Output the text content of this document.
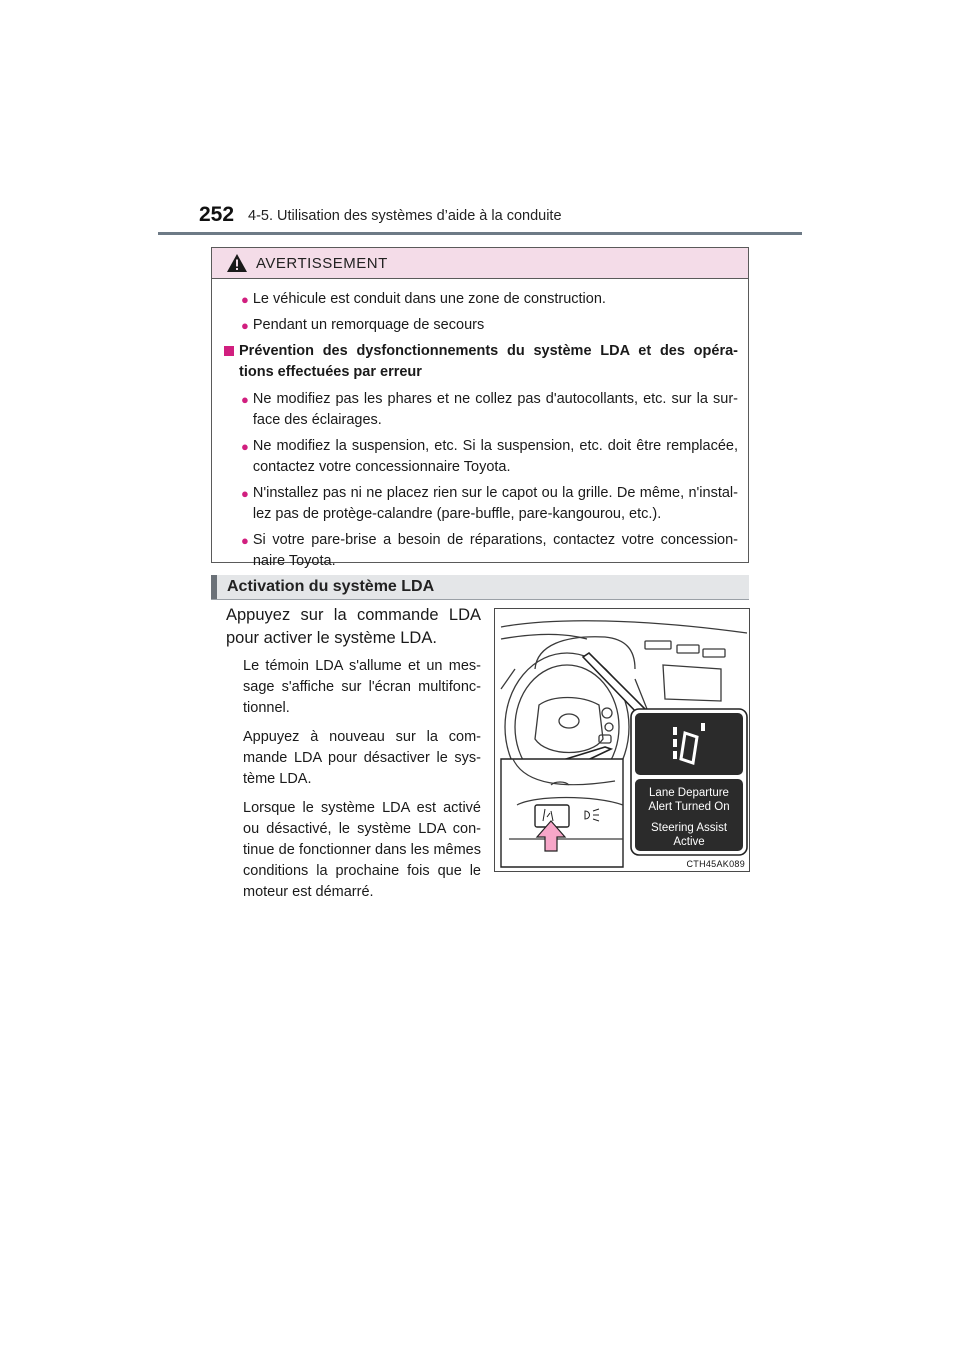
252 4-5. Utilisation des systèmes d’aide à la conduite
AVERTISSEMENT
● Le véhicule est conduit dans une zone de construction.
● Pendant un remorquage de secours
Prévention des dysfonctionnements du système LDA et des opéra- tions effectuées par erreur
● Ne modifiez pas les phares et ne collez pas d'autocollants, etc. sur la sur- face des éclairages.
● Ne modifiez la suspension, etc. Si la suspension, etc. doit être remplacée, contactez votre concessionnaire Toyota.
● N'installez pas ni ne placez rien sur le capot ou la grille. De même, n'instal- lez pas de protège-calandre (pare-buffle, pare-kangourou, etc.).
● Si votre pare-brise a besoin de réparations, contactez votre concession- naire Toyota.
Activation du système LDA
Appuyez sur la commande LDA pour activer le système LDA.

Le témoin LDA s'allume et un mes- sage s'affiche sur l'écran multifonc- tionnel.

Appuyez à nouveau sur la com- mande LDA pour désactiver le sys- tème LDA.

Lorsque le système LDA est activé ou désactivé, le système LDA con- tinue de fonctionner dans les mêmes conditions la prochaine fois que le moteur est démarré.

Lane Departure
Alert Turned On
Steering Assist
Active
CTH45AK089
